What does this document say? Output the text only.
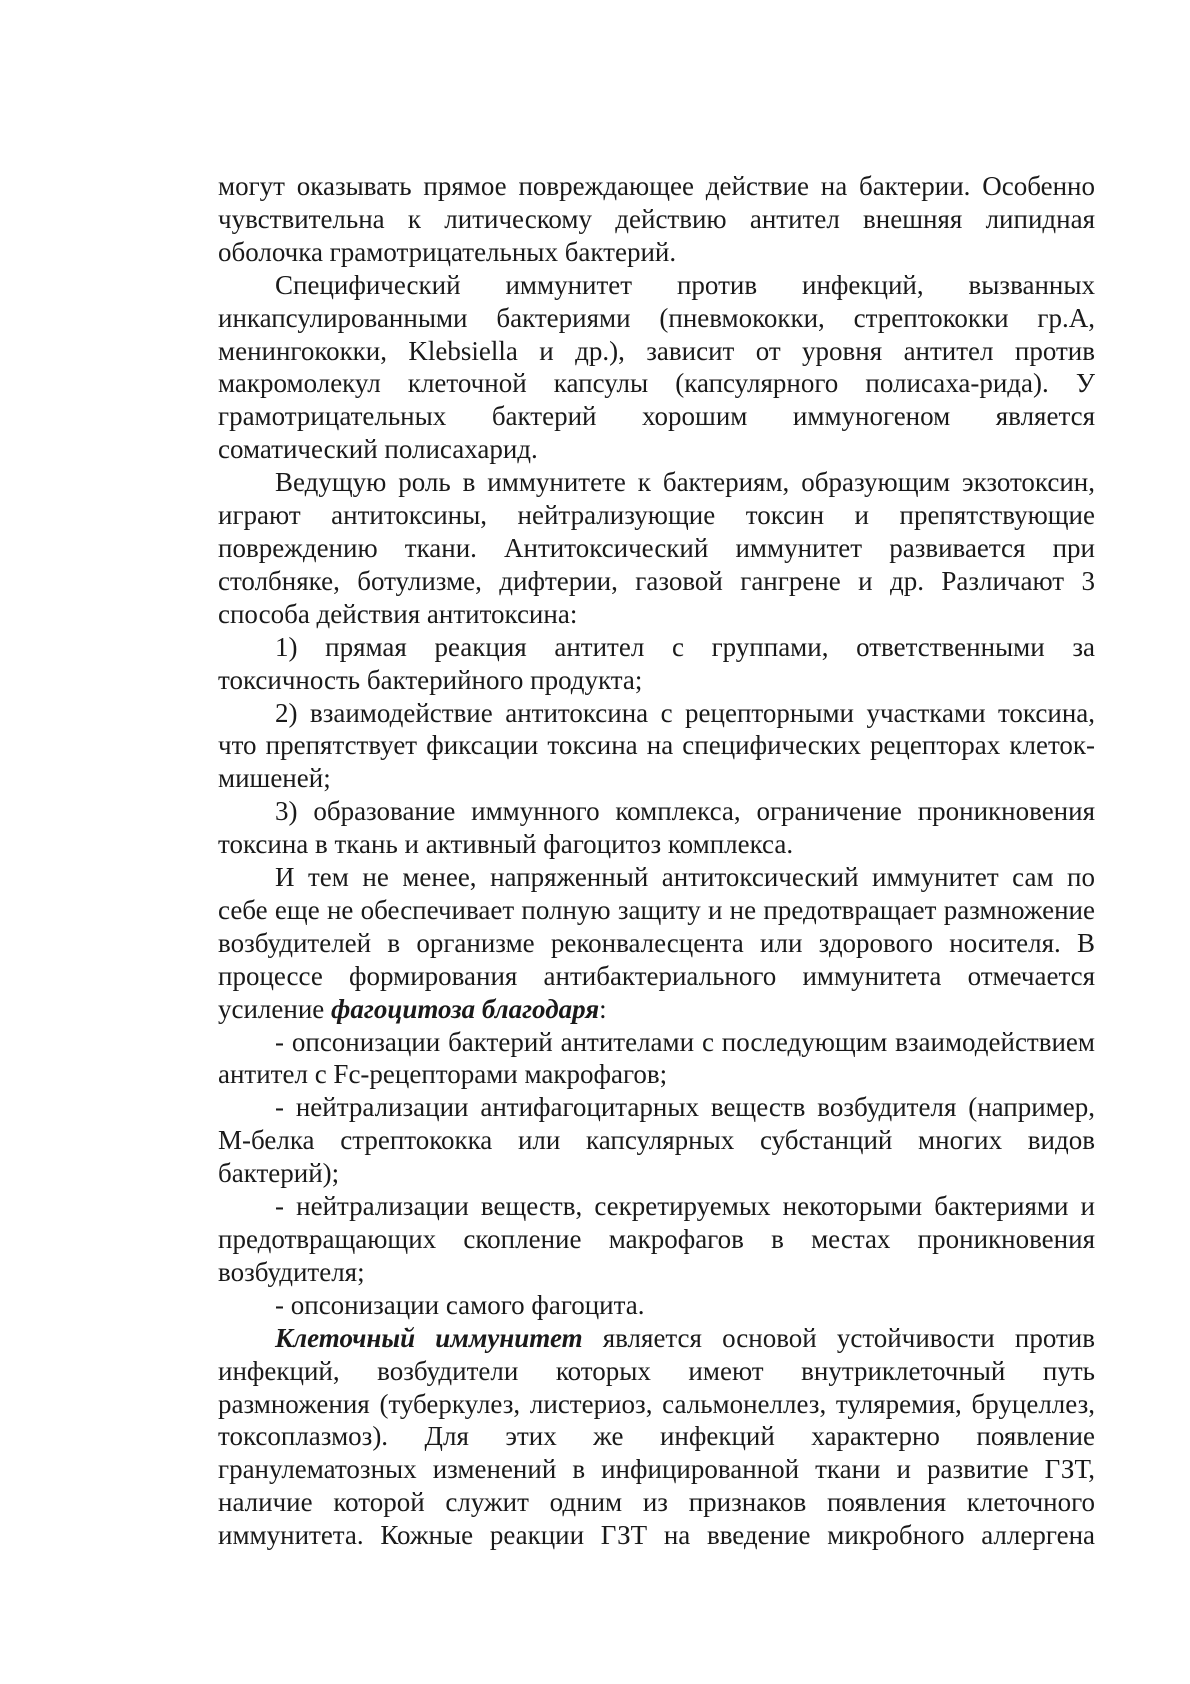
могут оказывать прямое повреждающее действие на бактерии. Особенно чувствительна к литическому действию антител внешняя липидная оболочка грамотрицательных бактерий.

Специфический иммунитет против инфекций, вызванных инкапсулированными бактериями (пневмококки, стрептококки гр.А, менингококки, Klebsiella и др.), зависит от уровня антител против макромолекул клеточной капсулы (капсулярного полисаха-рида). У грамотрицательных бактерий хорошим иммуногеном является соматический полисахарид.

Ведущую роль в иммунитете к бактериям, образующим экзотоксин, играют антитоксины, нейтрализующие токсин и препятствующие повреждению ткани. Антитоксический иммунитет развивается при столбняке, ботулизме, дифтерии, газовой гангрене и др. Различают 3 способа действия антитоксина:

1) прямая реакция антител с группами, ответственными за токсичность бактерийного продукта;

2) взаимодействие антитоксина с рецепторными участками токсина, что препятствует фиксации токсина на специфических рецепторах клеток-мишеней;

3) образование иммунного комплекса, ограничение проникновения токсина в ткань и активный фагоцитоз комплекса.

И тем не менее, напряженный антитоксический иммунитет сам по себе еще не обеспечивает полную защиту и не предотвращает размножение возбудителей в организме реконвалесцента или здорового носителя. В процессе формирования антибактериального иммунитета отмечается усиление фагоцитоза благодаря:

- опсонизации бактерий антителами с последующим взаимодействием антител с Fc-рецепторами макрофагов;

- нейтрализации антифагоцитарных веществ возбудителя (например, М-белка стрептококка или капсулярных субстанций многих видов бактерий);

- нейтрализации веществ, секретируемых некоторыми бактериями и предотвращающих скопление макрофагов в местах проникновения возбудителя;

- опсонизации самого фагоцита.

Клеточный иммунитет является основой устойчивости против инфекций, возбудители которых имеют внутриклеточный путь размножения (туберкулез, листериоз, сальмонеллез, туляремия, бруцеллез, токсоплазмоз). Для этих же инфекций характерно появление гранулематозных изменений в инфицированной ткани и развитие ГЗТ, наличие которой служит одним из признаков появления клеточного иммунитета. Кожные реакции ГЗТ на введение микробного аллергена
